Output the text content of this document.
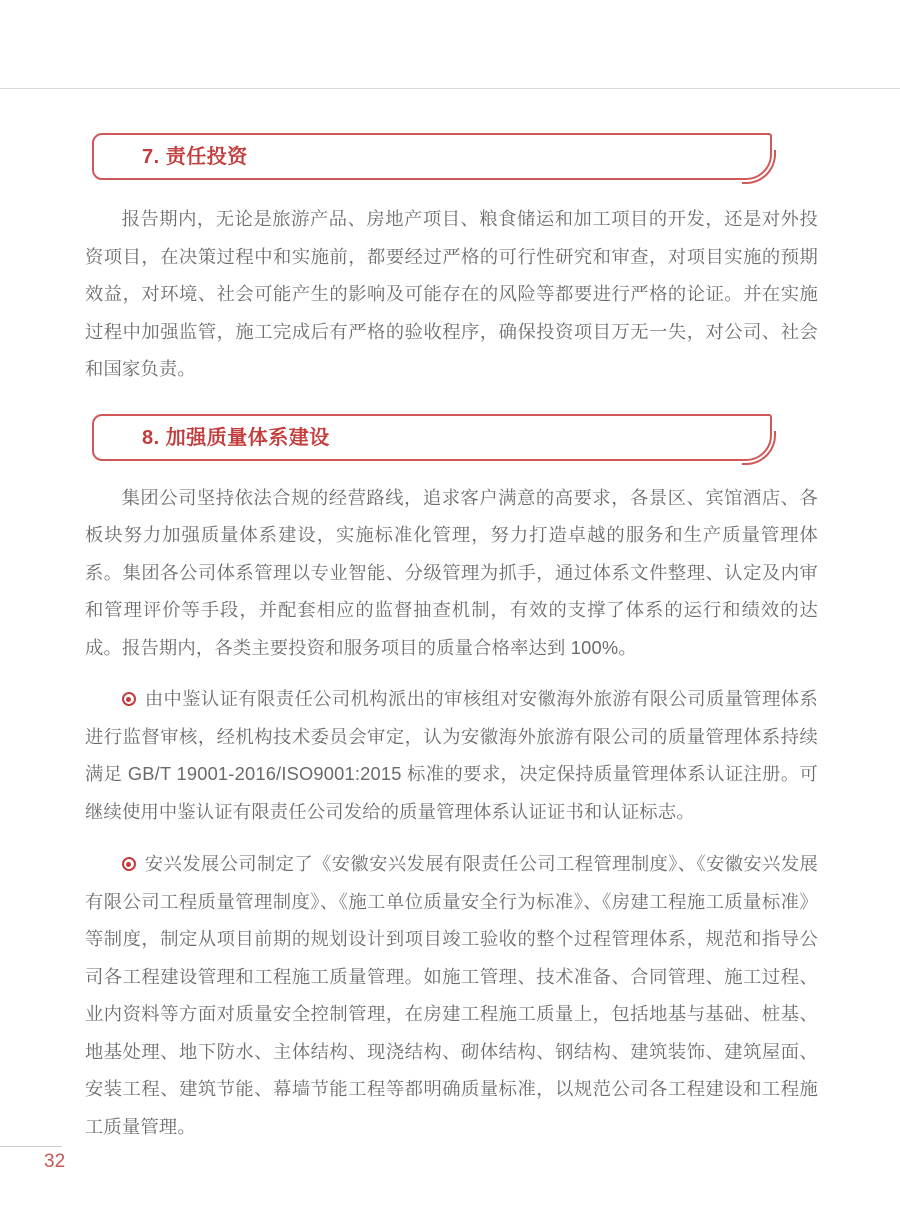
7. 责任投资

报告期内，无论是旅游产品、房地产项目、粮食储运和加工项目的开发，还是对外投资项目，在决策过程中和实施前，都要经过严格的可行性研究和审查，对项目实施的预期效益，对环境、社会可能产生的影响及可能存在的风险等都要进行严格的论证。并在实施过程中加强监管，施工完成后有严格的验收程序，确保投资项目万无一失，对公司、社会和国家负责。

8. 加强质量体系建设

集团公司坚持依法合规的经营路线，追求客户满意的高要求，各景区、宾馆酒店、各板块努力加强质量体系建设，实施标准化管理，努力打造卓越的服务和生产质量管理体系。集团各公司体系管理以专业智能、分级管理为抓手，通过体系文件整理、认定及内审和管理评价等手段，并配套相应的监督抽查机制，有效的支撑了体系的运行和绩效的达成。报告期内，各类主要投资和服务项目的质量合格率达到 100%。

由中鉴认证有限责任公司机构派出的审核组对安徽海外旅游有限公司质量管理体系进行监督审核，经机构技术委员会审定，认为安徽海外旅游有限公司的质量管理体系持续满足 GB/T 19001-2016/ISO9001:2015 标准的要求，决定保持质量管理体系认证注册。可继续使用中鉴认证有限责任公司发给的质量管理体系认证证书和认证标志。

安兴发展公司制定了《安徽安兴发展有限责任公司工程管理制度》、《安徽安兴发展有限公司工程质量管理制度》、《施工单位质量安全行为标准》、《房建工程施工质量标准》等制度，制定从项目前期的规划设计到项目竣工验收的整个过程管理体系，规范和指导公司各工程建设管理和工程施工质量管理。如施工管理、技术准备、合同管理、施工过程、业内资料等方面对质量安全控制管理，在房建工程施工质量上，包括地基与基础、桩基、地基处理、地下防水、主体结构、现浇结构、砌体结构、钢结构、建筑装饰、建筑屋面、安装工程、建筑节能、幕墙节能工程等都明确质量标准，以规范公司各工程建设和工程施工质量管理。

32
